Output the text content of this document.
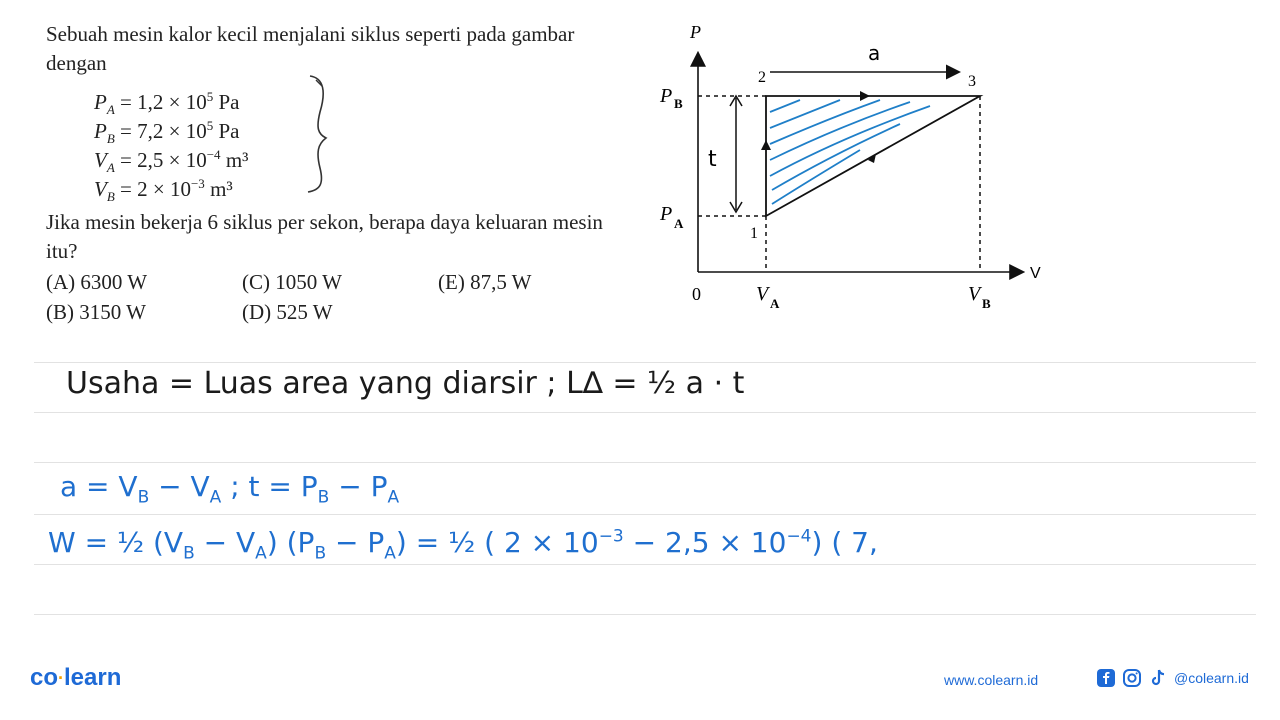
Sebuah mesin kalor kecil menjalani siklus seperti pada gambar dengan

$P_A = 1,2 \times 10^5$ Pa
$P_B = 7,2 \times 10^5$ Pa
$V_A = 2,5 \times 10^{-4}$ m³
$V_B = 2 \times 10^{-3}$ m³

Jika mesin bekerja 6 siklus per sekon, berapa daya keluaran mesin itu?

(A) 6300 W	(C) 1050 W	(E) 87,5 W
(B) 3150 W	(D) 525 W
P
V
0
P B
P A
V A	V B
1
2	3
a
t
Usaha = Luas area yang diarsir ; L∆ = ½ a · t
$a = V_B - V_A$ ; $t = P_B - P_A$
W = ½ $(V_B - V_A) (P_B - P_A)$ = ½ ( $2 \times 10^{-3} - 2,5 \times 10^{-4}$) ( 7,
co·learn	www.colearn.id	@colearn.id
